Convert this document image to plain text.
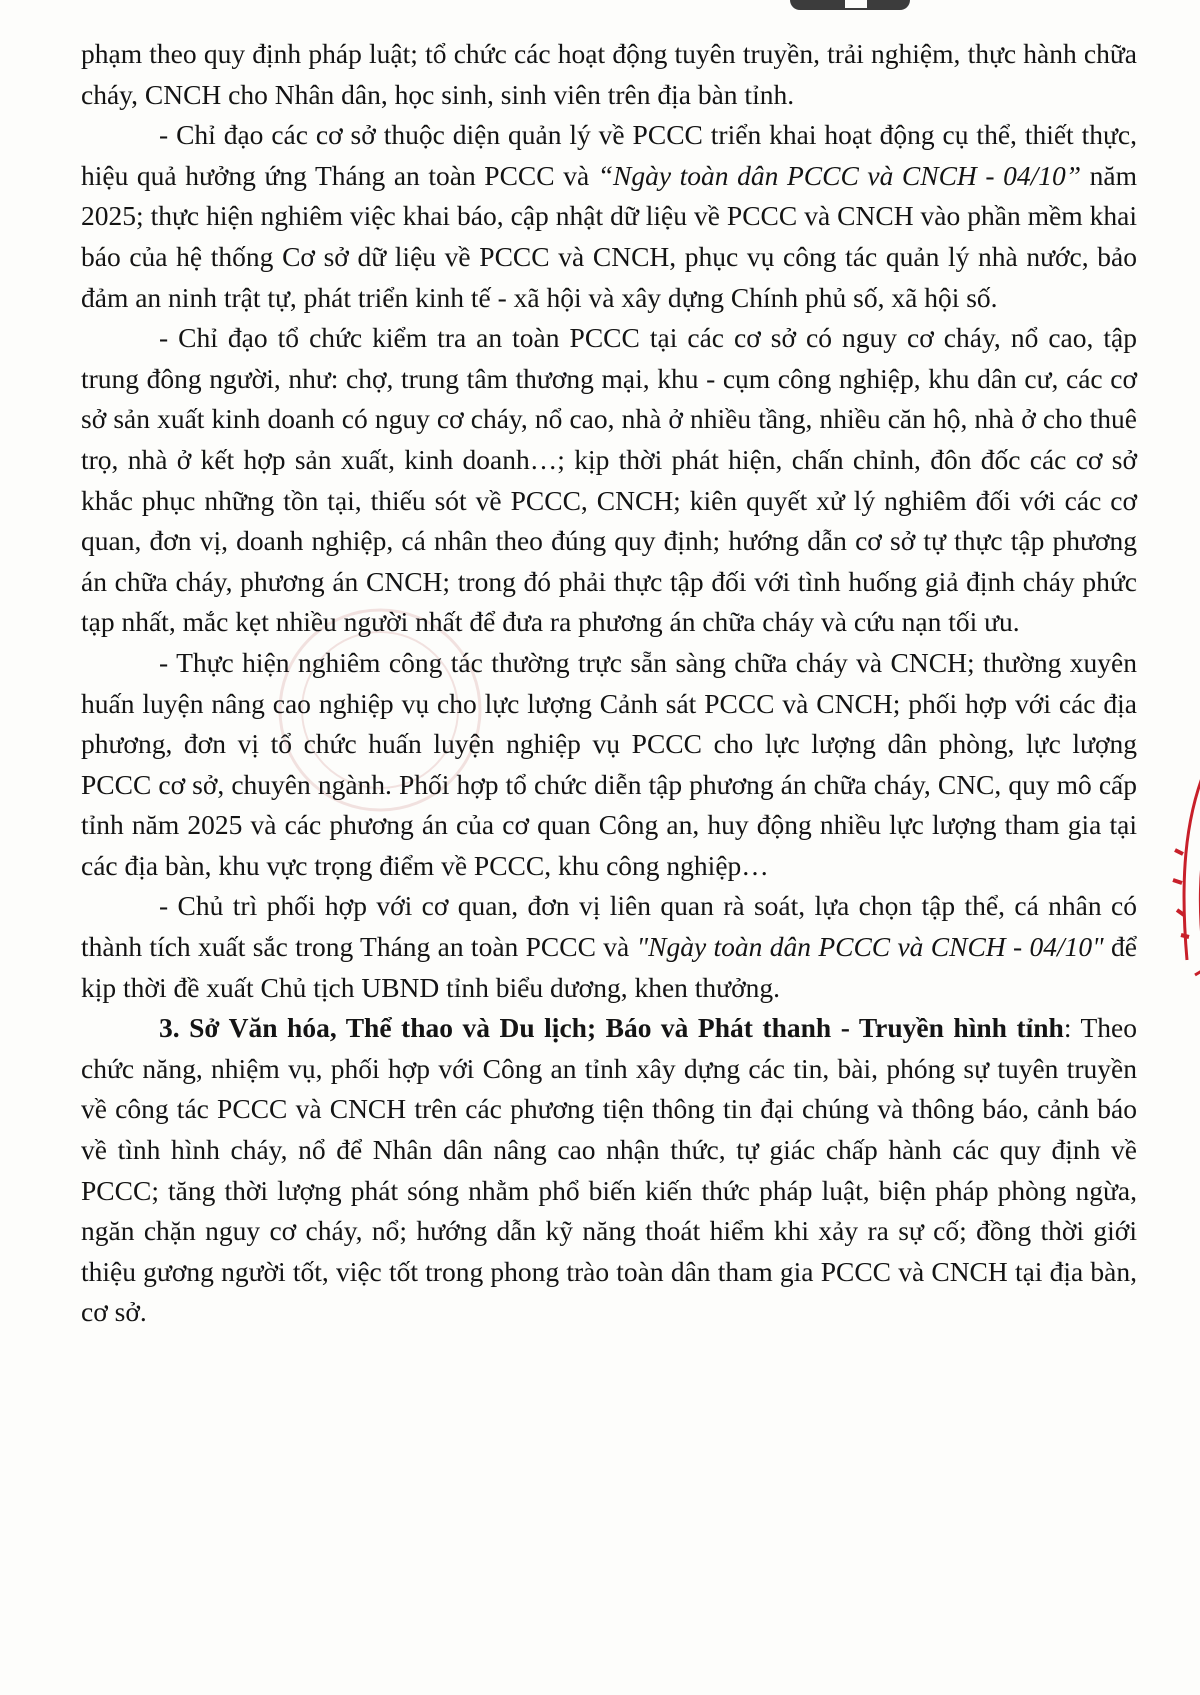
phạm theo quy định pháp luật; tổ chức các hoạt động tuyên truyền, trải nghiệm, thực hành chữa cháy, CNCH cho Nhân dân, học sinh, sinh viên trên địa bàn tỉnh.

- Chỉ đạo các cơ sở thuộc diện quản lý về PCCC triển khai hoạt động cụ thể, thiết thực, hiệu quả hưởng ứng Tháng an toàn PCCC và “Ngày toàn dân PCCC và CNCH - 04/10” năm 2025; thực hiện nghiêm việc khai báo, cập nhật dữ liệu về PCCC và CNCH vào phần mềm khai báo của hệ thống Cơ sở dữ liệu về PCCC và CNCH, phục vụ công tác quản lý nhà nước, bảo đảm an ninh trật tự, phát triển kinh tế - xã hội và xây dựng Chính phủ số, xã hội số.

- Chỉ đạo tổ chức kiểm tra an toàn PCCC tại các cơ sở có nguy cơ cháy, nổ cao, tập trung đông người, như: chợ, trung tâm thương mại, khu - cụm công nghiệp, khu dân cư, các cơ sở sản xuất kinh doanh có nguy cơ cháy, nổ cao, nhà ở nhiều tầng, nhiều căn hộ, nhà ở cho thuê trọ, nhà ở kết hợp sản xuất, kinh doanh…; kịp thời phát hiện, chấn chỉnh, đôn đốc các cơ sở khắc phục những tồn tại, thiếu sót về PCCC, CNCH; kiên quyết xử lý nghiêm đối với các cơ quan, đơn vị, doanh nghiệp, cá nhân theo đúng quy định; hướng dẫn cơ sở tự thực tập phương án chữa cháy, phương án CNCH; trong đó phải thực tập đối với tình huống giả định cháy phức tạp nhất, mắc kẹt nhiều người nhất để đưa ra phương án chữa cháy và cứu nạn tối ưu.

- Thực hiện nghiêm công tác thường trực sẵn sàng chữa cháy và CNCH; thường xuyên huấn luyện nâng cao nghiệp vụ cho lực lượng Cảnh sát PCCC và CNCH; phối hợp với các địa phương, đơn vị tổ chức huấn luyện nghiệp vụ PCCC cho lực lượng dân phòng, lực lượng PCCC cơ sở, chuyên ngành. Phối hợp tổ chức diễn tập phương án chữa cháy, CNC, quy mô cấp tỉnh năm 2025 và các phương án của cơ quan Công an, huy động nhiều lực lượng tham gia tại các địa bàn, khu vực trọng điểm về PCCC, khu công nghiệp…

- Chủ trì phối hợp với cơ quan, đơn vị liên quan rà soát, lựa chọn tập thể, cá nhân có thành tích xuất sắc trong Tháng an toàn PCCC và "Ngày toàn dân PCCC và CNCH - 04/10" để kịp thời đề xuất Chủ tịch UBND tỉnh biểu dương, khen thưởng.

3. Sở Văn hóa, Thể thao và Du lịch; Báo và Phát thanh - Truyền hình tỉnh: Theo chức năng, nhiệm vụ, phối hợp với Công an tỉnh xây dựng các tin, bài, phóng sự tuyên truyền về công tác PCCC và CNCH trên các phương tiện thông tin đại chúng và thông báo, cảnh báo về tình hình cháy, nổ để Nhân dân nâng cao nhận thức, tự giác chấp hành các quy định về PCCC; tăng thời lượng phát sóng nhằm phổ biến kiến thức pháp luật, biện pháp phòng ngừa, ngăn chặn nguy cơ cháy, nổ; hướng dẫn kỹ năng thoát hiểm khi xảy ra sự cố; đồng thời giới thiệu gương người tốt, việc tốt trong phong trào toàn dân tham gia PCCC và CNCH tại địa bàn, cơ sở.
